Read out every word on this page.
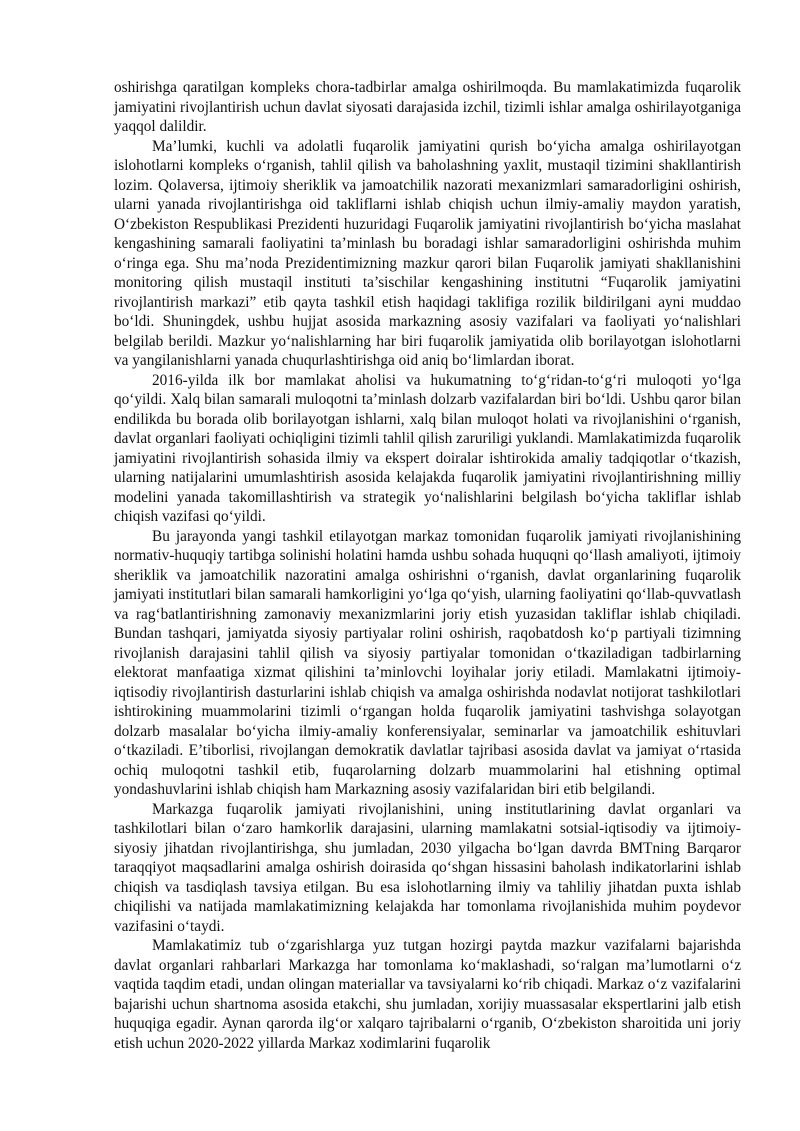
oshirishga qaratilgan kompleks chora-tadbirlar amalga oshirilmoqda. Bu mamlakatimizda fuqarolik jamiyatini rivojlantirish uchun davlat siyosati darajasida izchil, tizimli ishlar amalga oshirilayotganiga yaqqol dalildir.

Ma’lumki, kuchli va adolatli fuqarolik jamiyatini qurish bo‘yicha amalga oshirilayotgan islohotlarni kompleks o‘rganish, tahlil qilish va baholashning yaxlit, mustaqil tizimini shakllantirish lozim. Qolaversa, ijtimoiy sheriklik va jamoatchilik nazorati mexanizmlari samaradorligini oshirish, ularni yanada rivojlantirishga oid takliflarni ishlab chiqish uchun ilmiy-amaliy maydon yaratish, O‘zbekiston Respublikasi Prezidenti huzuridagi Fuqarolik jamiyatini rivojlantirish bo‘yicha maslahat kengashining samarali faoliyatini ta’minlash bu boradagi ishlar samaradorligini oshirishda muhim o‘ringa ega. Shu ma’noda Prezidentimizning mazkur qarori bilan Fuqarolik jamiyati shakllanishini monitoring qilish mustaqil instituti ta’sischilar kengashining institutni “Fuqarolik jamiyatini rivojlantirish markazi” etib qayta tashkil etish haqidagi taklifiga rozilik bildirilgani ayni muddao bo‘ldi. Shuningdek, ushbu hujjat asosida markazning asosiy vazifalari va faoliyati yo‘nalishlari belgilab berildi. Mazkur yo‘nalishlarning har biri fuqarolik jamiyatida olib borilayotgan islohotlarni va yangilanishlarni yanada chuqurlashtirishga oid aniq bo‘limlardan iborat.

2016-yilda ilk bor mamlakat aholisi va hukumatning to‘g‘ridan-to‘g‘ri muloqoti yo‘lga qo‘yildi. Xalq bilan samarali muloqotni ta’minlash dolzarb vazifalardan biri bo‘ldi. Ushbu qaror bilan endilikda bu borada olib borilayotgan ishlarni, xalq bilan muloqot holati va rivojlanishini o‘rganish, davlat organlari faoliyati ochiqligini tizimli tahlil qilish zaruriligi yuklandi. Mamlakatimizda fuqarolik jamiyatini rivojlantirish sohasida ilmiy va ekspert doiralar ishtirokida amaliy tadqiqotlar o‘tkazish, ularning natijalarini umumlashtirish asosida kelajakda fuqarolik jamiyatini rivojlantirishning milliy modelini yanada takomillashtirish va strategik yo‘nalishlarini belgilash bo‘yicha takliflar ishlab chiqish vazifasi qo‘yildi.

Bu jarayonda yangi tashkil etilayotgan markaz tomonidan fuqarolik jamiyati rivojlanishining normativ-huquqiy tartibga solinishi holatini hamda ushbu sohada huquqni qo‘llash amaliyoti, ijtimoiy sheriklik va jamoatchilik nazoratini amalga oshirishni o‘rganish, davlat organlarining fuqarolik jamiyati institutlari bilan samarali hamkorligini yo‘lga qo‘yish, ularning faoliyatini qo‘llab-quvvatlash va rag‘batlantirishning zamonaviy mexanizmlarini joriy etish yuzasidan takliflar ishlab chiqiladi. Bundan tashqari, jamiyatda siyosiy partiyalar rolini oshirish, raqobatdosh ko‘p partiyali tizimning rivojlanish darajasini tahlil qilish va siyosiy partiyalar tomonidan o‘tkaziladigan tadbirlarning elektorat manfaatiga xizmat qilishini ta’minlovchi loyihalar joriy etiladi. Mamlakatni ijtimoiy-iqtisodiy rivojlantirish dasturlarini ishlab chiqish va amalga oshirishda nodavlat notijorat tashkilotlari ishtirokining muammolarini tizimli o‘rgangan holda fuqarolik jamiyatini tashvishga solayotgan dolzarb masalalar bo‘yicha ilmiy-amaliy konferensiyalar, seminarlar va jamoatchilik eshituvlari o‘tkaziladi. E’tiborlisi, rivojlangan demokratik davlatlar tajribasi asosida davlat va jamiyat o‘rtasida ochiq muloqotni tashkil etib, fuqarolarning dolzarb muammolarini hal etishning optimal yondashuvlarini ishlab chiqish ham Markazning asosiy vazifalaridan biri etib belgilandi.

Markazga fuqarolik jamiyati rivojlanishini, uning institutlarining davlat organlari va tashkilotlari bilan o‘zaro hamkorlik darajasini, ularning mamlakatni sotsial-iqtisodiy va ijtimoiy-siyosiy jihatdan rivojlantirishga, shu jumladan, 2030 yilgacha bo‘lgan davrda BMTning Barqaror taraqqiyot maqsadlarini amalga oshirish doirasida qo‘shgan hissasini baholash indikatorlarini ishlab chiqish va tasdiqlash tavsiya etilgan. Bu esa islohotlarning ilmiy va tahliliy jihatdan puxta ishlab chiqilishi va natijada mamlakatimizning kelajakda har tomonlama rivojlanishida muhim poydevor vazifasini o‘taydi.

Mamlakatimiz tub o‘zgarishlarga yuz tutgan hozirgi paytda mazkur vazifalarni bajarishda davlat organlari rahbarlari Markazga har tomonlama ko‘maklashadi, so‘ralgan ma’lumotlarni o‘z vaqtida taqdim etadi, undan olingan materiallar va tavsiyalarni ko‘rib chiqadi. Markaz o‘z vazifalarini bajarishi uchun shartnoma asosida etakchi, shu jumladan, xorijiy muassasalar ekspertlarini jalb etish huquqiga egadir. Aynan qarorda ilg‘or xalqaro tajribalarni o‘rganib, O‘zbekiston sharoitida uni joriy etish uchun 2020-2022 yillarda Markaz xodimlarini fuqarolik
